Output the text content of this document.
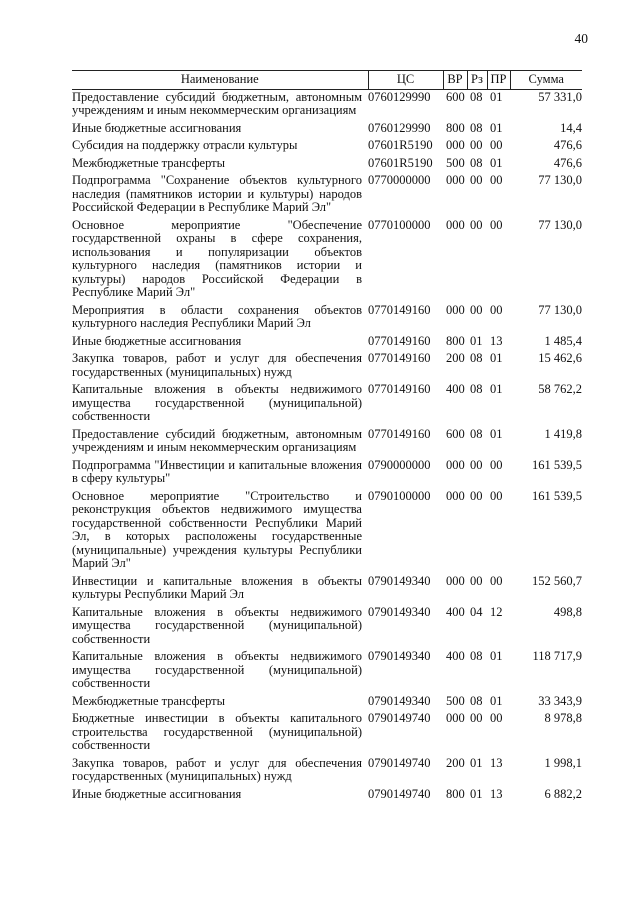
40
Наименование	ЦС	ВР	Рз	ПР	Сумма
Предоставление субсидий бюджетным, автономным учреждениям и иным некоммерческим организациям	0760129990	600	08	01	57 331,0
Иные бюджетные ассигнования	0760129990	800	08	01	14,4
Субсидия на поддержку отрасли культуры	07601R5190	000	00	00	476,6
Межбюджетные трансферты	07601R5190	500	08	01	476,6
Подпрограмма "Сохранение объектов культурного наследия (памятников истории и культуры) народов Российской Федерации в Республике Марий Эл"	0770000000	000	00	00	77 130,0
Основное мероприятие "Обеспечение государственной охраны в сфере сохранения, использования и популяризации объектов культурного наследия (памятников истории и культуры) народов Российской Федерации в Республике Марий Эл"	0770100000	000	00	00	77 130,0
Мероприятия в области сохранения объектов культурного наследия Республики Марий Эл	0770149160	000	00	00	77 130,0
Иные бюджетные ассигнования	0770149160	800	01	13	1 485,4
Закупка товаров, работ и услуг для обеспечения государственных (муниципальных) нужд	0770149160	200	08	01	15 462,6
Капитальные вложения в объекты недвижимого имущества государственной (муниципальной) собственности	0770149160	400	08	01	58 762,2
Предоставление субсидий бюджетным, автономным учреждениям и иным некоммерческим организациям	0770149160	600	08	01	1 419,8
Подпрограмма "Инвестиции и капитальные вложения в сферу культуры"	0790000000	000	00	00	161 539,5
Основное мероприятие "Строительство и реконструкция объектов недвижимого имущества государственной собственности Республики Марий Эл, в которых расположены государственные (муниципальные) учреждения культуры Республики Марий Эл"	0790100000	000	00	00	161 539,5
Инвестиции и капитальные вложения в объекты культуры Республики Марий Эл	0790149340	000	00	00	152 560,7
Капитальные вложения в объекты недвижимого имущества государственной (муниципальной) собственности	0790149340	400	04	12	498,8
Капитальные вложения в объекты недвижимого имущества государственной (муниципальной) собственности	0790149340	400	08	01	118 717,9
Межбюджетные трансферты	0790149340	500	08	01	33 343,9
Бюджетные инвестиции в объекты капитального строительства государственной (муниципальной) собственности	0790149740	000	00	00	8 978,8
Закупка товаров, работ и услуг для обеспечения государственных (муниципальных) нужд	0790149740	200	01	13	1 998,1
Иные бюджетные ассигнования	0790149740	800	01	13	6 882,2
